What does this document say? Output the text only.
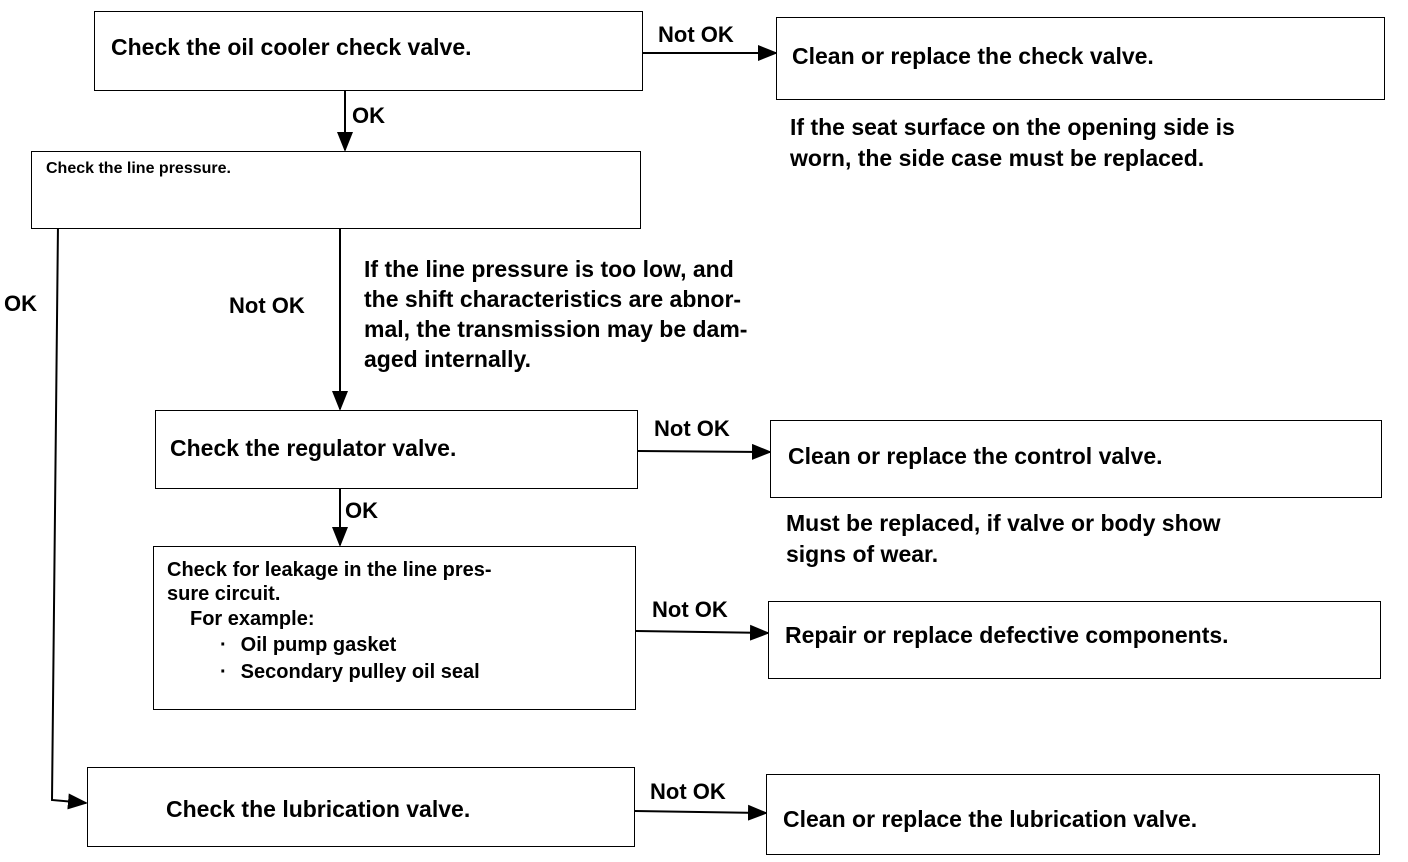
Check the oil cooler check valve.	Not OK
Clean or replace the check valve.
If the seat surface on the opening side is
worn, the side case must be replaced.
OK
Check the line pressure.
OK	Not OK
If the line pressure is too low, and
the shift characteristics are abnor-
mal, the transmission may be dam-
aged internally.
Check the regulator valve.
Not OK
Clean or replace the control valve.
Must be replaced, if valve or body show
signs of wear.
OK
Check for leakage in the line pres-
sure circuit.
For example:
· Oil pump gasket
· Secondary pulley oil seal
Not OK
Repair or replace defective components.
Check the lubrication valve.
Not OK
Clean or replace the lubrication valve.
